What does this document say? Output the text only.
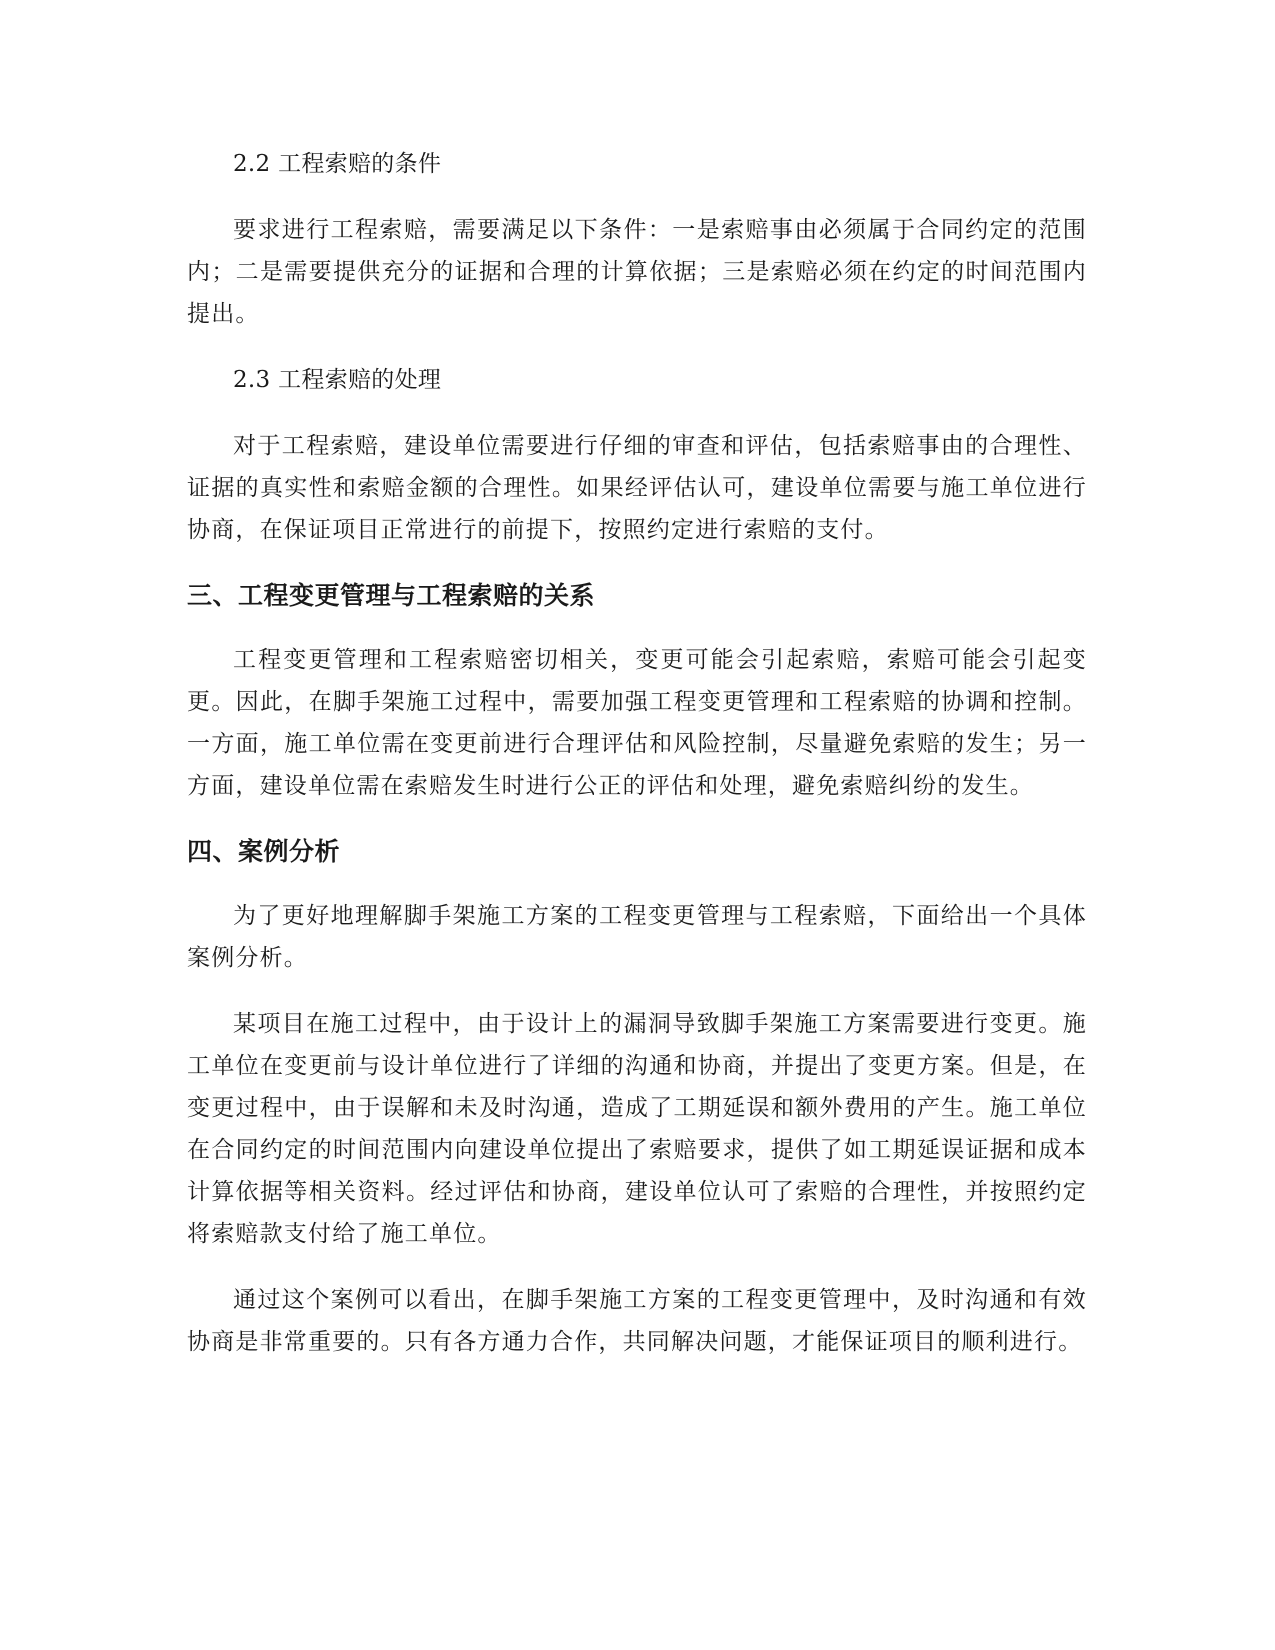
2.2 工程索赔的条件

要求进行工程索赔，需要满足以下条件：一是索赔事由必须属于合同约定的范围内；二是需要提供充分的证据和合理的计算依据；三是索赔必须在约定的时间范围内提出。

2.3 工程索赔的处理

对于工程索赔，建设单位需要进行仔细的审查和评估，包括索赔事由的合理性、证据的真实性和索赔金额的合理性。如果经评估认可，建设单位需要与施工单位进行协商，在保证项目正常进行的前提下，按照约定进行索赔的支付。

三、工程变更管理与工程索赔的关系

工程变更管理和工程索赔密切相关，变更可能会引起索赔，索赔可能会引起变更。因此，在脚手架施工过程中，需要加强工程变更管理和工程索赔的协调和控制。一方面，施工单位需在变更前进行合理评估和风险控制，尽量避免索赔的发生；另一方面，建设单位需在索赔发生时进行公正的评估和处理，避免索赔纠纷的发生。

四、案例分析

为了更好地理解脚手架施工方案的工程变更管理与工程索赔，下面给出一个具体案例分析。

某项目在施工过程中，由于设计上的漏洞导致脚手架施工方案需要进行变更。施工单位在变更前与设计单位进行了详细的沟通和协商，并提出了变更方案。但是，在变更过程中，由于误解和未及时沟通，造成了工期延误和额外费用的产生。施工单位在合同约定的时间范围内向建设单位提出了索赔要求，提供了如工期延误证据和成本计算依据等相关资料。经过评估和协商，建设单位认可了索赔的合理性，并按照约定将索赔款支付给了施工单位。

通过这个案例可以看出，在脚手架施工方案的工程变更管理中，及时沟通和有效协商是非常重要的。只有各方通力合作，共同解决问题，才能保证项目的顺利进行。
